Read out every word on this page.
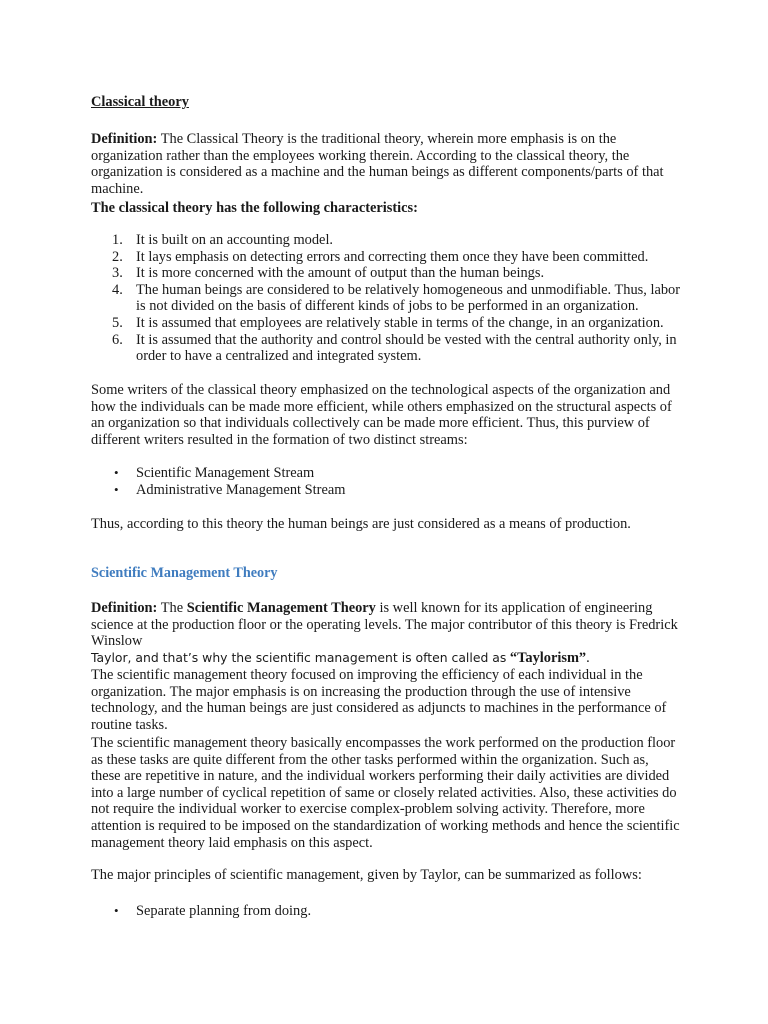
Classical theory

Definition: The Classical Theory is the traditional theory, wherein more emphasis is on the organization rather than the employees working therein. According to the classical theory, the organization is considered as a machine and the human beings as different components/parts of that machine.

The classical theory has the following characteristics:
1. It is built on an accounting model.
2. It lays emphasis on detecting errors and correcting them once they have been committed.
3. It is more concerned with the amount of output than the human beings.
4. The human beings are considered to be relatively homogeneous and unmodifiable. Thus, labor is not divided on the basis of different kinds of jobs to be performed in an organization.
5. It is assumed that employees are relatively stable in terms of the change, in an organization.
6. It is assumed that the authority and control should be vested with the central authority only, in order to have a centralized and integrated system.

Some writers of the classical theory emphasized on the technological aspects of the organization and how the individuals can be made more efficient, while others emphasized on the structural aspects of an organization so that individuals collectively can be made more efficient. Thus, this purview of different writers resulted in the formation of two distinct streams:

• Scientific Management Stream
• Administrative Management Stream

Thus, according to this theory the human beings are just considered as a means of production.

Scientific Management Theory

Definition: The Scientific Management Theory is well known for its application of engineering science at the production floor or the operating levels. The major contributor of this theory is Fredrick Winslow
Taylor, and that’s why the scientific management is often called as “Taylorism”.

The scientific management theory focused on improving the efficiency of each individual in the organization. The major emphasis is on increasing the production through the use of intensive technology, and the human beings are just considered as adjuncts to machines in the performance of routine tasks.

The scientific management theory basically encompasses the work performed on the production floor as these tasks are quite different from the other tasks performed within the organization. Such as, these are repetitive in nature, and the individual workers performing their daily activities are divided into a large number of cyclical repetition of same or closely related activities. Also, these activities do not require the individual worker to exercise complex-problem solving activity. Therefore, more attention is required to be imposed on the standardization of working methods and hence the scientific management theory laid emphasis on this aspect.

The major principles of scientific management, given by Taylor, can be summarized as follows:

• Separate planning from doing.
